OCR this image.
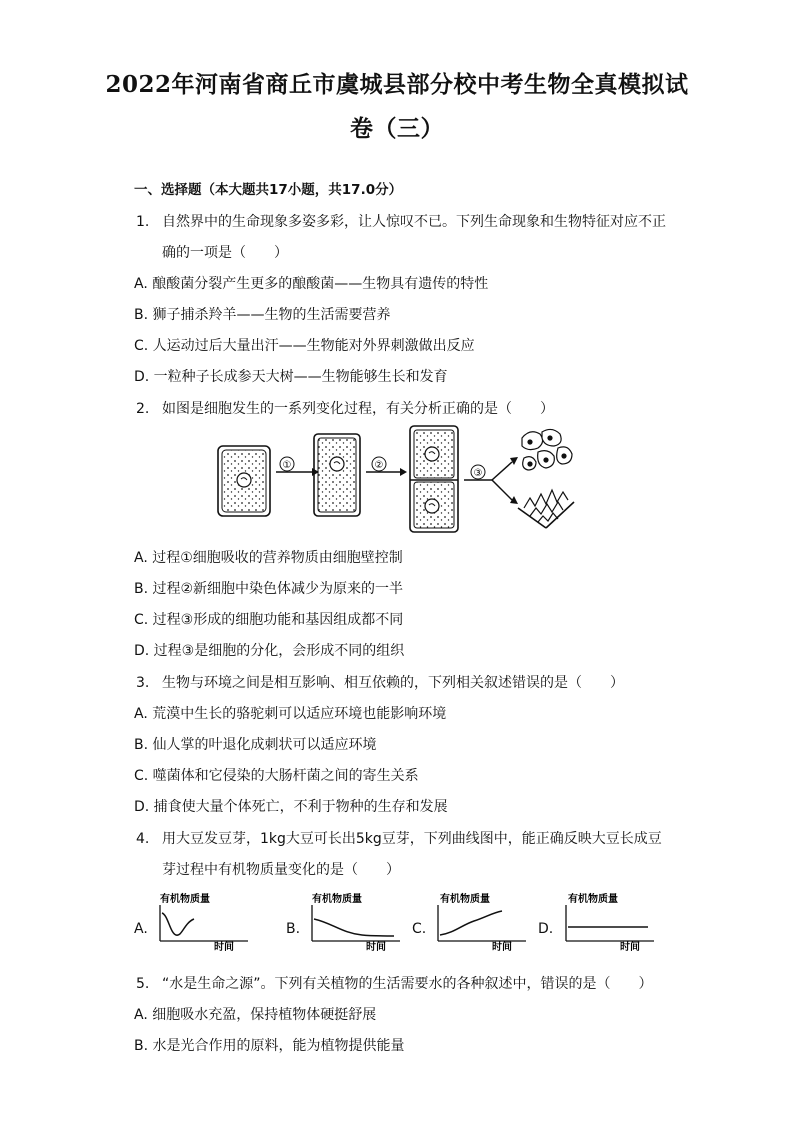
2022年河南省商丘市虞城县部分校中考生物全真模拟试
卷（三）
一、选择题（本大题共17小题，共17.0分）
1. 自然界中的生命现象多姿多彩，让人惊叹不已。下列生命现象和生物特征对应不正
确的一项是（　　）
A. 酿酸菌分裂产生更多的酿酸菌——生物具有遗传的特性
B. 狮子捕杀羚羊——生物的生活需要营养
C. 人运动过后大量出汗——生物能对外界刺激做出反应
D. 一粒种子长成参天大树——生物能够生长和发育
2. 如图是细胞发生的一系列变化过程，有关分析正确的是（　　）
①	②
③
A. 过程①细胞吸收的营养物质由细胞壁控制
B. 过程②新细胞中染色体减少为原来的一半
C. 过程③形成的细胞功能和基因组成都不同
D. 过程③是细胞的分化，会形成不同的组织
3. 生物与环境之间是相互影响、相互依赖的，下列相关叙述错误的是（　　）
A. 荒漠中生长的骆驼刺可以适应环境也能影响环境
B. 仙人掌的叶退化成刺状可以适应环境
C. 噬菌体和它侵染的大肠杆菌之间的寄生关系
D. 捕食使大量个体死亡，不利于物种的生存和发展
4. 用大豆发豆芽，1kg大豆可长出5kg豆芽，下列曲线图中，能正确反映大豆长成豆
芽过程中有机物质量变化的是（　　）
A.
有机物质量
时间
B.
有机物质量
时间
C.
有机物质量
时间
D.
有机物质量
时间
5. “水是生命之源”。下列有关植物的生活需要水的各种叙述中，错误的是（　　）
A. 细胞吸水充盈，保持植物体硬挺舒展
B. 水是光合作用的原料，能为植物提供能量
